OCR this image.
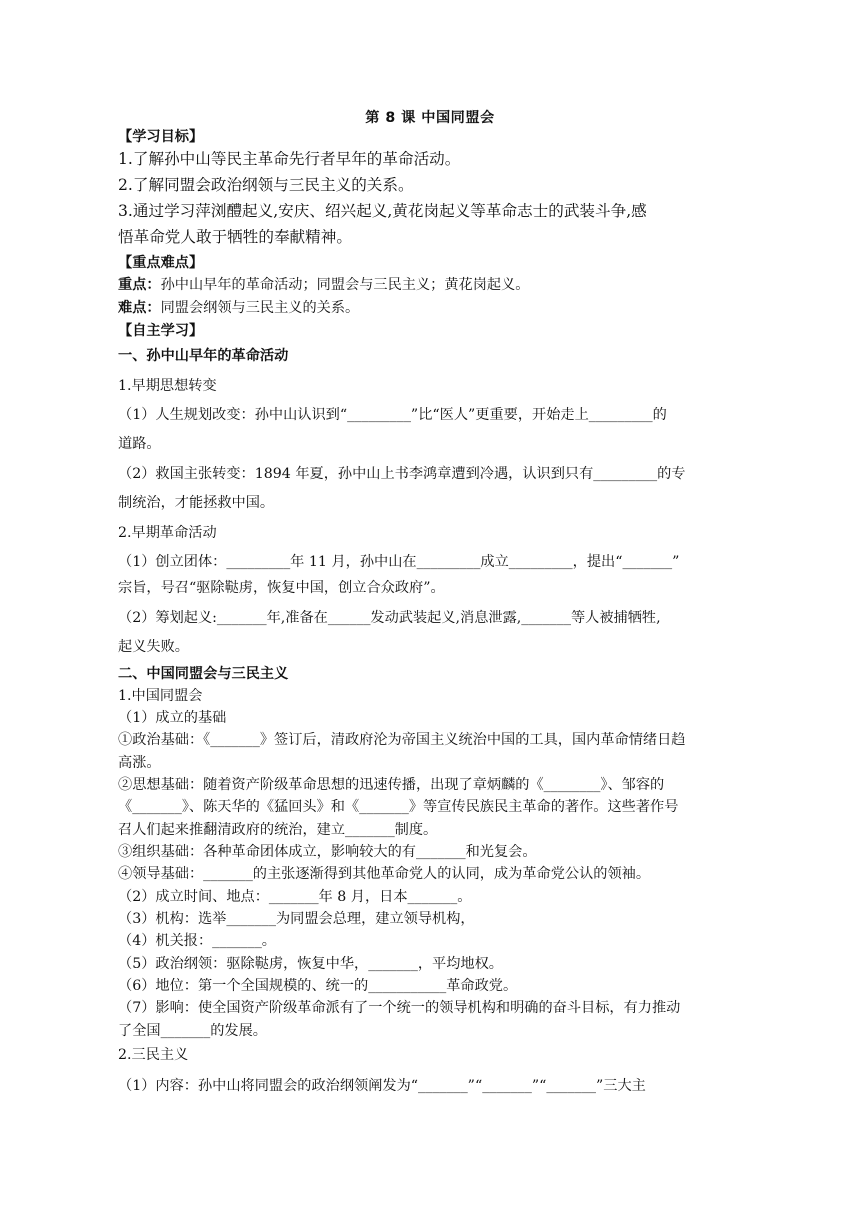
第 8 课 中国同盟会
【学习目标】
1.了解孙中山等民主革命先行者早年的革命活动。
2.了解同盟会政治纲领与三民主义的关系。
3.通过学习萍浏醴起义,安庆、绍兴起义,黄花岗起义等革命志士的武装斗争,感
悟革命党人敢于牺牲的奉献精神。
【重点难点】
重点：孙中山早年的革命活动；同盟会与三民主义；黄花岗起义。
难点：同盟会纲领与三民主义的关系。
【自主学习】
一、孙中山早年的革命活动
1.早期思想转变
（1）人生规划改变：孙中山认识到“_________”比“医人”更重要，开始走上_________的
道路。
（2）救国主张转变：1894 年夏，孙中山上书李鸿章遭到冷遇，认识到只有_________的专
制统治，才能拯救中国。
2.早期革命活动
（1）创立团体：_________年 11 月，孙中山在_________成立_________，提出“_______”
宗旨，号召“驱除鞑虏，恢复中国，创立合众政府”。
（2）筹划起义:_______年,准备在______发动武装起义,消息泄露,_______等人被捕牺牲,
起义失败。
二、中国同盟会与三民主义
1.中国同盟会
（1）成立的基础
①政治基础：《_______》签订后，清政府沦为帝国主义统治中国的工具，国内革命情绪日趋
高涨。
②思想基础：随着资产阶级革命思想的迅速传播，出现了章炳麟的《________》、邹容的
《_______》、陈天华的《猛回头》和《_______》等宣传民族民主革命的著作。这些著作号
召人们起来推翻清政府的统治，建立_______制度。
③组织基础：各种革命团体成立，影响较大的有_______和光复会。
④领导基础：_______的主张逐渐得到其他革命党人的认同，成为革命党公认的领袖。
（2）成立时间、地点：_______年 8 月，日本_______。
（3）机构：选举_______为同盟会总理，建立领导机构，
（4）机关报：_______。
（5）政治纲领：驱除鞑虏，恢复中华，_______，平均地权。
（6）地位：第一个全国规模的、统一的___________革命政党。
（7）影响：使全国资产阶级革命派有了一个统一的领导机构和明确的奋斗目标，有力推动
了全国_______的发展。
2.三民主义
（1）内容：孙中山将同盟会的政治纲领阐发为“_______”“_______”“_______”三大主
